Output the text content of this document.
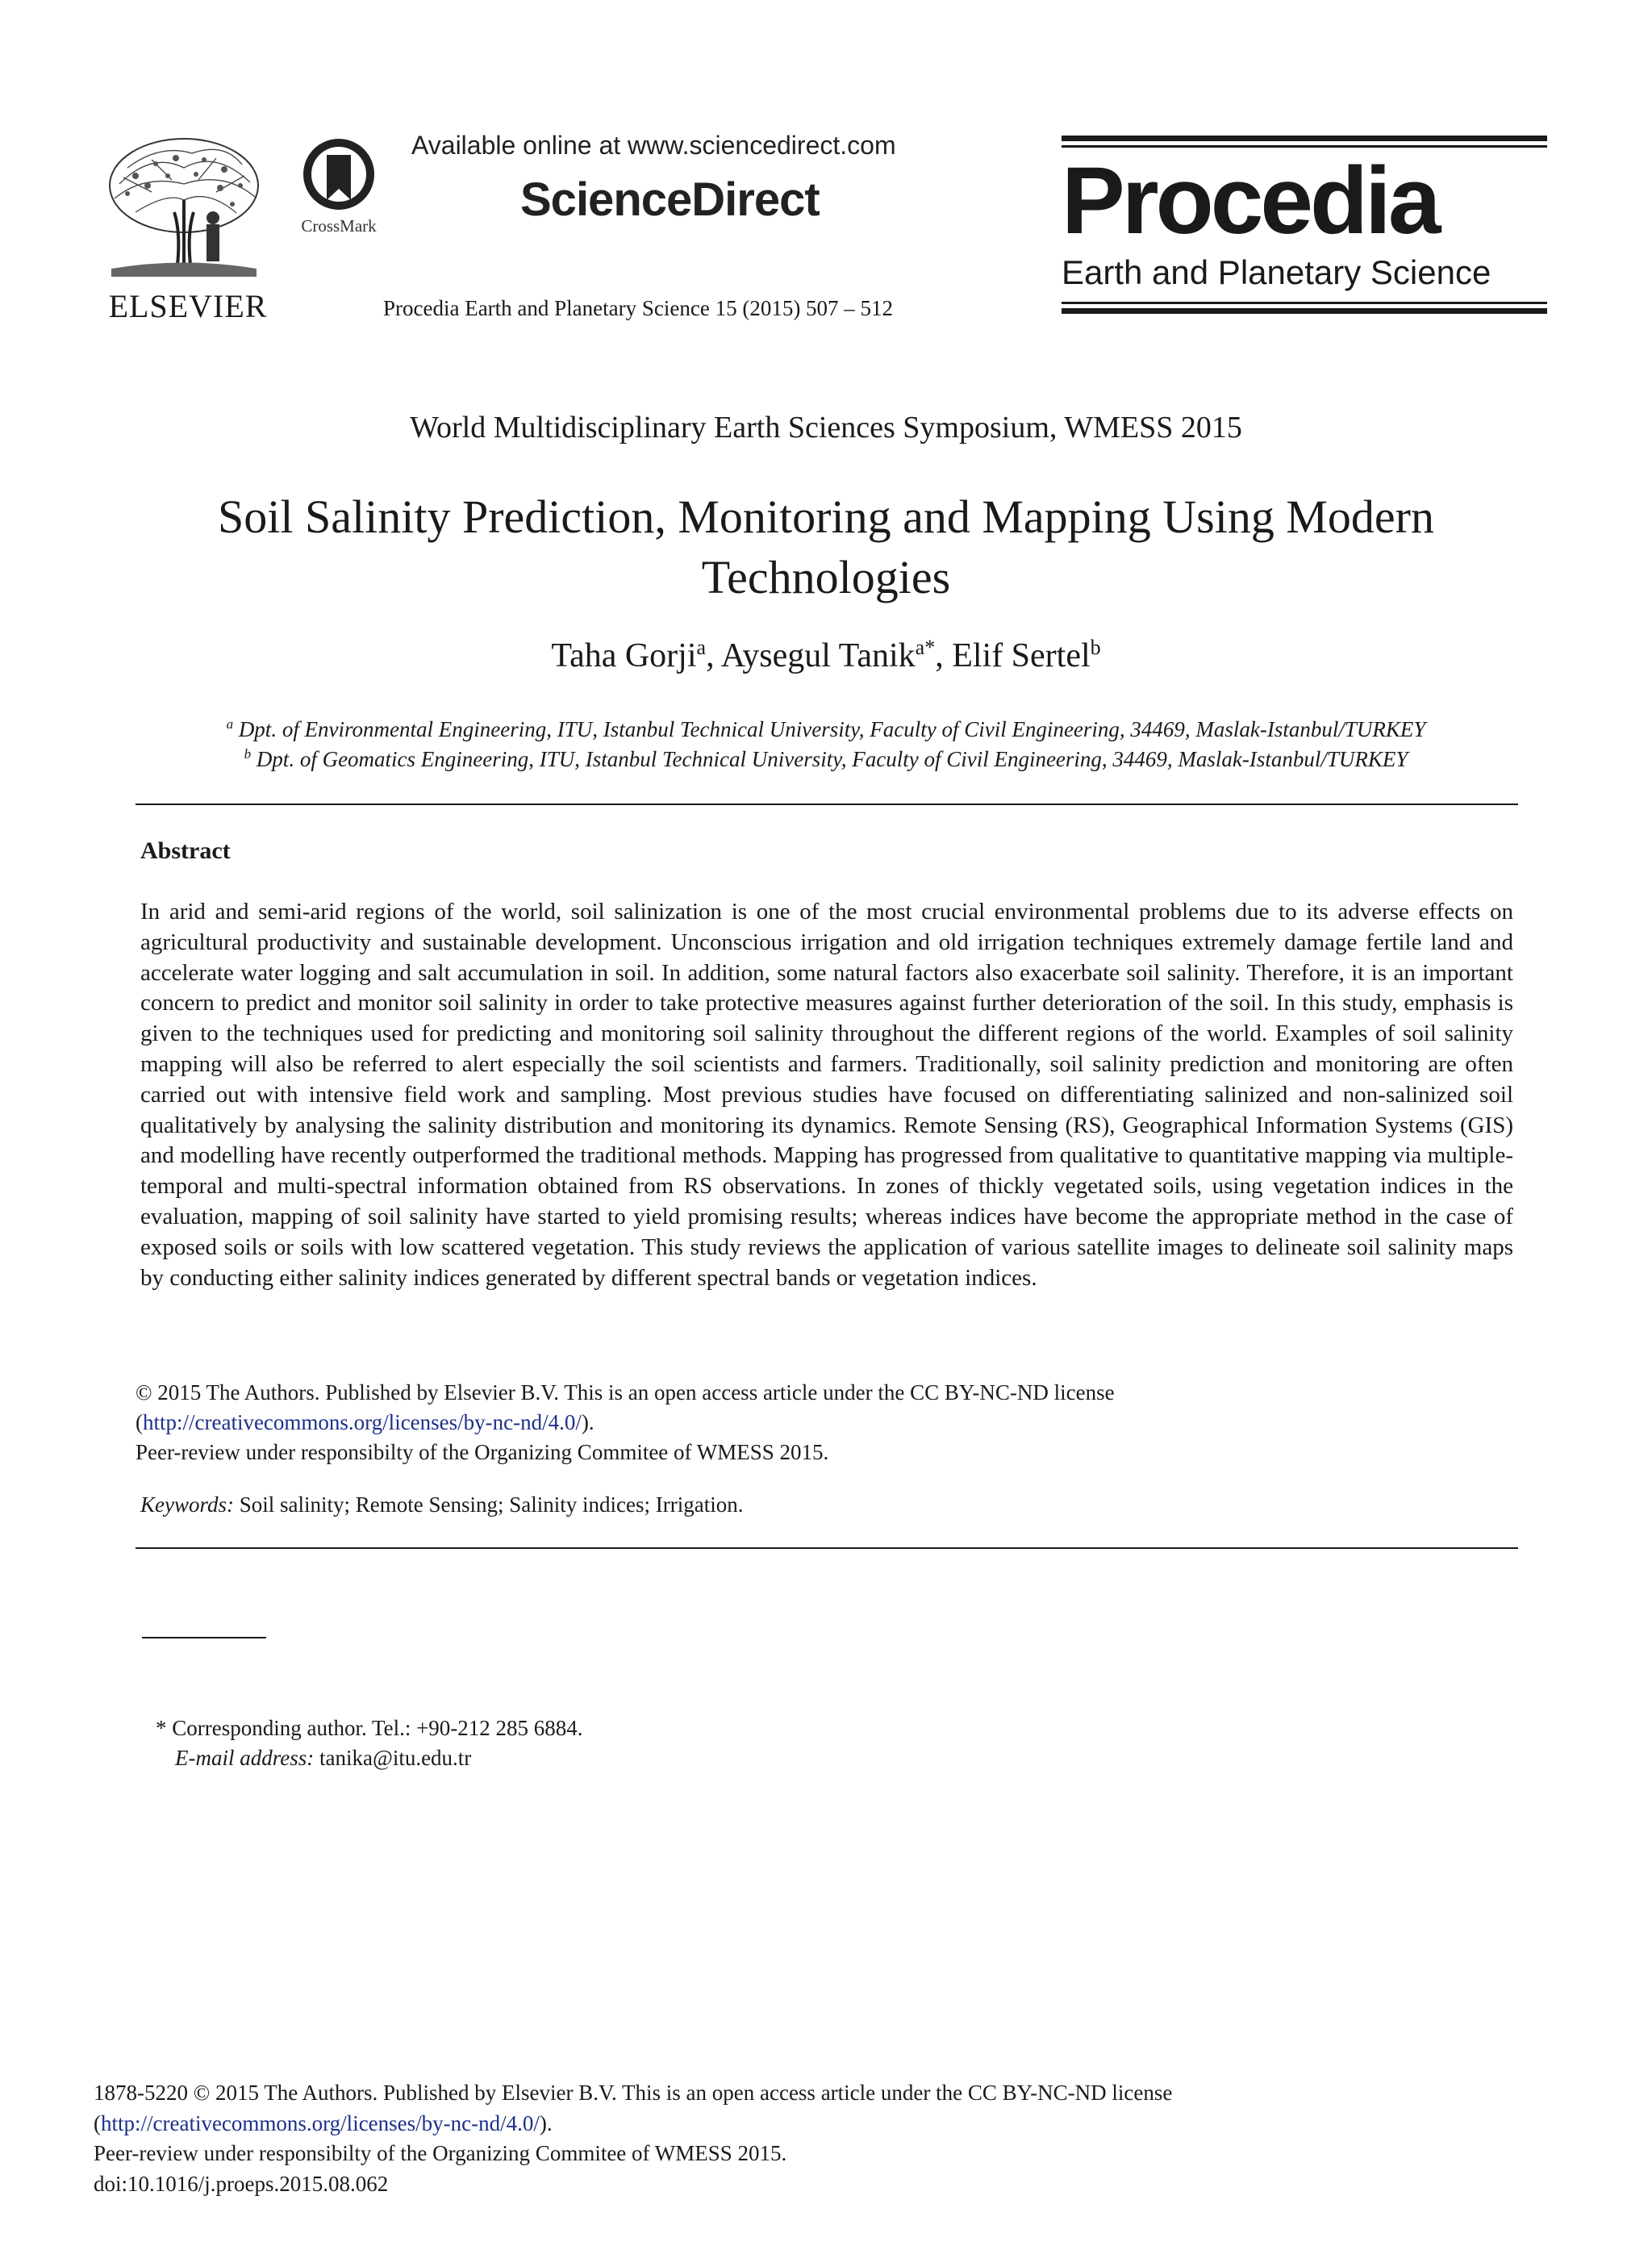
ELSEVIER
CrossMark
Available online at www.sciencedirect.com
ScienceDirect
Procedia Earth and Planetary Science 15 (2015) 507 – 512
Procedia
Earth and Planetary Science
World Multidisciplinary Earth Sciences Symposium, WMESS 2015
Soil Salinity Prediction, Monitoring and Mapping Using Modern
Technologies
Taha Gorji$^a$, Aysegul Tanik$^{a*}$, Elif Sertel$^b$
$^a$ Dpt. of Environmental Engineering, ITU, Istanbul Technical University, Faculty of Civil Engineering, 34469, Maslak-Istanbul/TURKEY
$^b$ Dpt. of Geomatics Engineering, ITU, Istanbul Technical University, Faculty of Civil Engineering, 34469, Maslak-Istanbul/TURKEY
Abstract

In arid and semi-arid regions of the world, soil salinization is one of the most crucial environmental problems due to its adverse effects on agricultural productivity and sustainable development. Unconscious irrigation and old irrigation techniques extremely damage fertile land and accelerate water logging and salt accumulation in soil. In addition, some natural factors also exacerbate soil salinity. Therefore, it is an important concern to predict and monitor soil salinity in order to take protective measures against further deterioration of the soil. In this study, emphasis is given to the techniques used for predicting and monitoring soil salinity throughout the different regions of the world. Examples of soil salinity mapping will also be referred to alert especially the soil scientists and farmers. Traditionally, soil salinity prediction and monitoring are often carried out with intensive field work and sampling. Most previous studies have focused on differentiating salinized and non-salinized soil qualitatively by analysing the salinity distribution and monitoring its dynamics. Remote Sensing (RS), Geographical Information Systems (GIS) and modelling have recently outperformed the traditional methods. Mapping has progressed from qualitative to quantitative mapping via multiple-temporal and multi-spectral information obtained from RS observations. In zones of thickly vegetated soils, using vegetation indices in the evaluation, mapping of soil salinity have started to yield promising results; whereas indices have become the appropriate method in the case of exposed soils or soils with low scattered vegetation. This study reviews the application of various satellite images to delineate soil salinity maps by conducting either salinity indices generated by different spectral bands or vegetation indices.

© 2015 The Authors. Published by Elsevier B.V. This is an open access article under the CC BY-NC-ND license
(http://creativecommons.org/licenses/by-nc-nd/4.0/).
Peer-review under responsibilty of the Organizing Commitee of WMESS 2015.
Keywords: Soil salinity; Remote Sensing; Salinity indices; Irrigation.
* Corresponding author. Tel.: +90-212 285 6884.
E-mail address: tanika@itu.edu.tr
1878-5220 © 2015 The Authors. Published by Elsevier B.V. This is an open access article under the CC BY-NC-ND license
(http://creativecommons.org/licenses/by-nc-nd/4.0/).
Peer-review under responsibilty of the Organizing Commitee of WMESS 2015.
doi:10.1016/j.proeps.2015.08.062
